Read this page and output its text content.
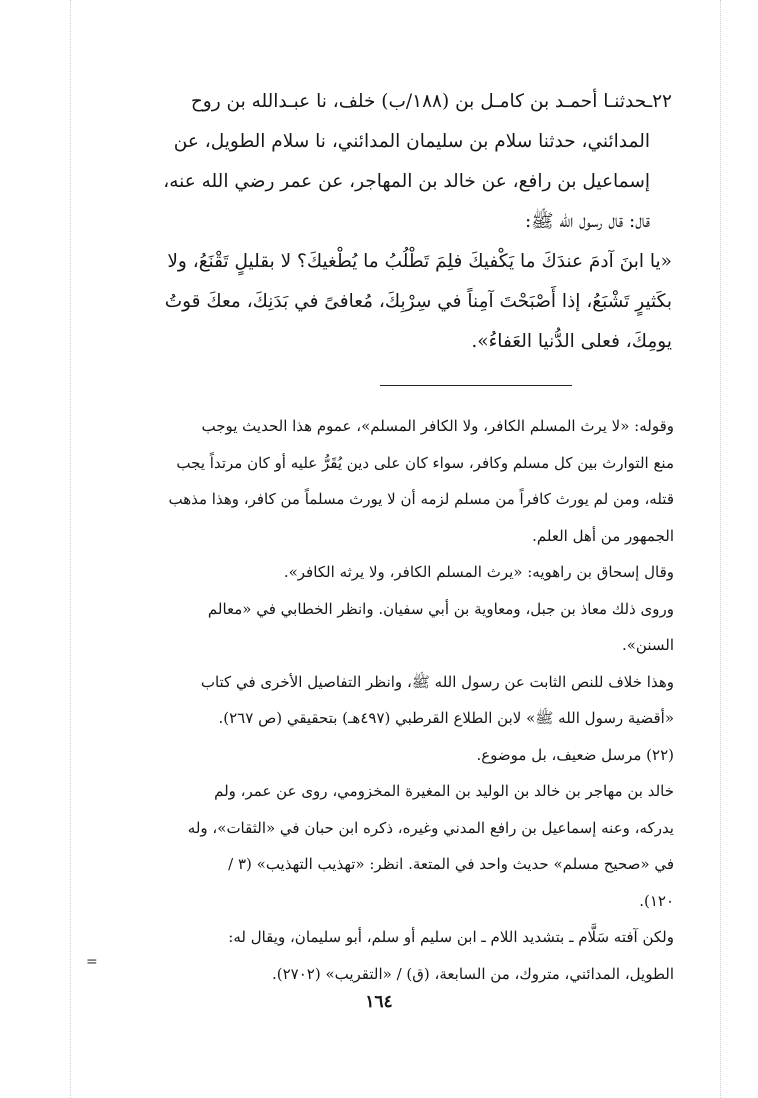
٢٢ـحدثنـا أحمـد بن كامـل بن (١٨٨/ب) خلف، نا عبـدالله بن روح
المدائني، حدثنا سلام بن سليمان المدائني، نا سلام الطويل، عن
إسماعيل بن رافع، عن خالد بن المهاجر، عن عمر رضي الله عنه،
قال: قال رسول الله ﷺ:

«يا ابنَ آدمَ عندَكَ ما يَكْفيكَ فلِمَ تَطْلُبُ ما يُطْغيكَ؟ لا بقليلٍ تَقْنَعُ، ولا
بكَثيرٍ تَشْبَعُ، إذا أَصْبَحْتَ آمِناً في سِرْبِكَ، مُعافىً في بَدَنِكَ، معكَ قوتُ
يومِكَ، فعلى الدُّنيا العَفاءُ».

وقوله: «لا يرث المسلم الكافر، ولا الكافر المسلم»، عموم هذا الحديث يوجب

منع التوارث بين كل مسلم وكافر، سواء كان على دين يُقَرُّ عليه أو كان مرتداً يجب

قتله، ومن لم يورث كافراً من مسلم لزمه أن لا يورث مسلماً من كافر، وهذا مذهب

الجمهور من أهل العلم.

وقال إسحاق بن راهويه: «يرث المسلم الكافر، ولا يرثه الكافر».

وروى ذلك معاذ بن جبل، ومعاوية بن أبي سفيان. وانظر الخطابي في «معالم

السنن».

وهذا خلاف للنص الثابت عن رسول الله ﷺ، وانظر التفاصيل الأخرى في كتاب

«أقضية رسول الله ﷺ» لابن الطلاع القرطبي (٤٩٧هـ) بتحقيقي (ص ٢٦٧).

(٢٢) مرسل ضعيف، بل موضوع.

خالد بن مهاجر بن خالد بن الوليد بن المغيرة المخزومي، روى عن عمر، ولم

يدركه، وعنه إسماعيل بن رافع المدني وغيره، ذكره ابن حبان في «الثقات»، وله

في «صحيح مسلم» حديث واحد في المتعة. انظر: «تهذيب التهذيب» (٣ /

١٢٠).

ولكن آفته سَلَّام ـ بتشديد اللام ـ ابن سليم أو سلم، أبو سليمان، ويقال له:

الطويل، المدائني، متروك، من السابعة، (ق) / «التقريب» (٢٧٠٢).

=
١٦٤
